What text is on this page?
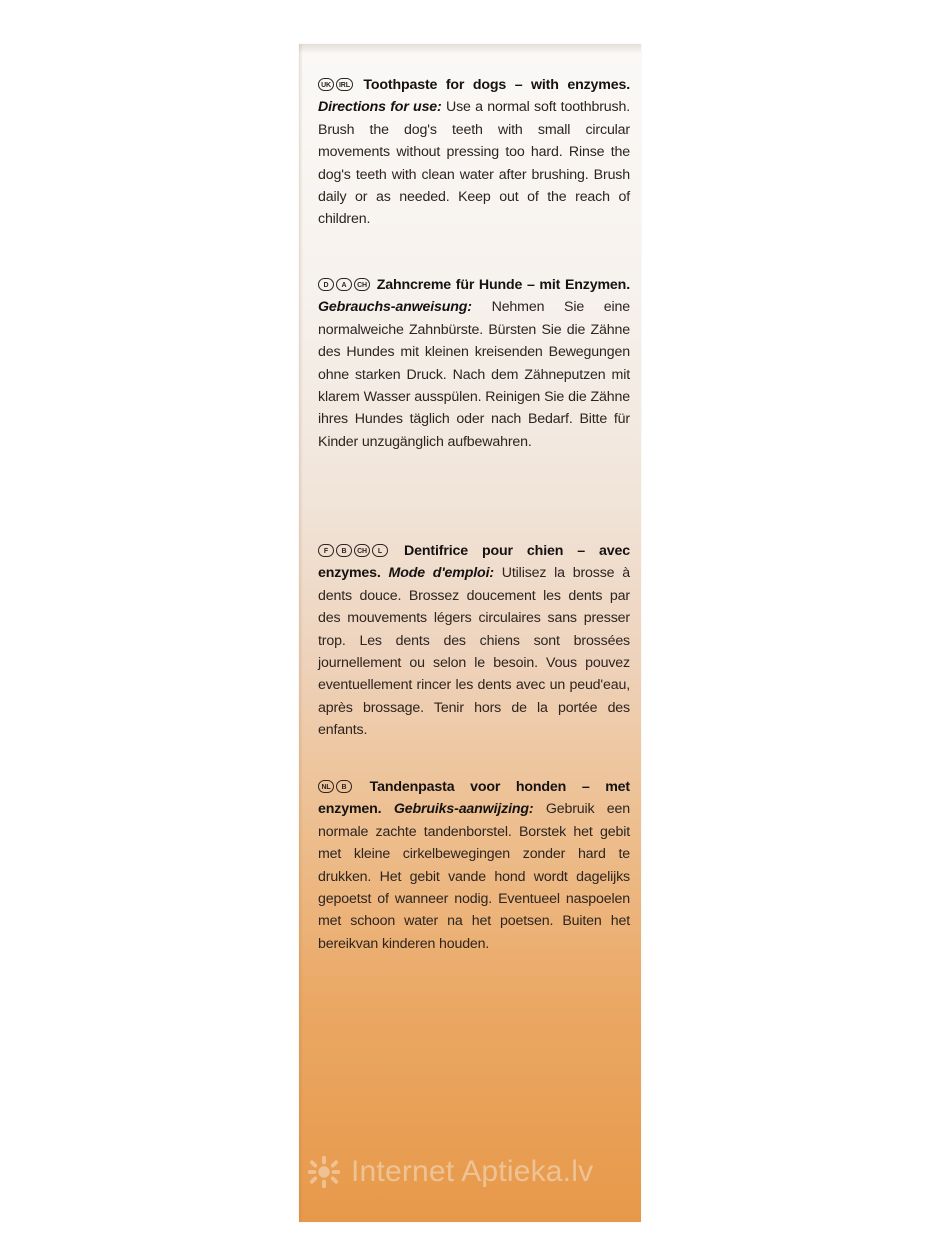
UK IRL Toothpaste for dogs – with enzymes. Directions for use: Use a normal soft toothbrush. Brush the dog's teeth with small circular movements without pressing too hard. Rinse the dog's teeth with clean water after brushing. Brush daily or as needed. Keep out of the reach of children.
D A CH Zahncreme für Hunde – mit Enzymen. Gebrauchs-anweisung: Nehmen Sie eine normalweiche Zahnbürste. Bürsten Sie die Zähne des Hundes mit kleinen kreisenden Bewegungen ohne starken Druck. Nach dem Zähneputzen mit klarem Wasser ausspülen. Reinigen Sie die Zähne ihres Hundes täglich oder nach Bedarf. Bitte für Kinder unzugänglich aufbewahren.
F B CH L Dentifrice pour chien – avec enzymes. Mode d'emploi: Utilisez la brosse à dents douce. Brossez doucement les dents par des mouvements légers circulaires sans presser trop. Les dents des chiens sont brossées journellement ou selon le besoin. Vous pouvez eventuellement rincer les dents avec un peud'eau, après brossage. Tenir hors de la portée des enfants.
NL B Tandenpasta voor honden – met enzymen. Gebruiks-aanwijzing: Gebruik een normale zachte tandenborstel. Borstek het gebit met kleine cirkelbewegingen zonder hard te drukken. Het gebit vande hond wordt dagelijks gepoetst of wanneer nodig. Eventueel naspoelen met schoon water na het poetsen. Buiten het bereikvan kinderen houden.
Internet Aptieka.lv
